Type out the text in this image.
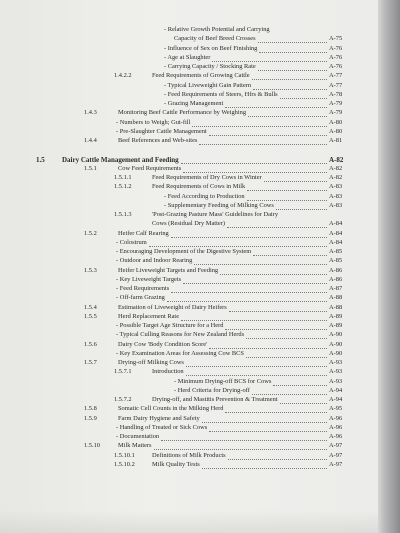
- Relative Growth Potential and Carrying
Capacity of Beef Breed Crosses	A-75
- Influence of Sex on Beef Finishing	A-76
- Age at Slaughter	A-76
- Carrying Capacity / Stocking Rate	A-76
1.4.2.2	Feed Requirements of Growing Cattle	A-77
- Typical Liveweight Gain Pattern	A-77
- Feed Requirements of Steers, Hfrs & Bulls	A-78
- Grazing Management	A-79
1.4.3	Monitoring Beef Cattle Performance by Weighing	A-79
- Numbers to Weigh; Gut-fill	A-80
- Pre-Slaughter Cattle Management	A-80
1.4.4	Beef References and Web-sites	A-81
1.5 Dairy Cattle Management and Feeding	A-82
1.5.1	Cow Feed Requirements	A-82
1.5.1.1	Feed Requirements of Dry Cows in Winter	A-82
1.5.1.2	Feed Requirements of Cows in Milk	A-83
- Feed According to Production	A-83
- Supplementary Feeding of Milking Cows	A-83
1.5.1.3	'Post-Grazing Pasture Mass' Guidelines for Dairy
Cows (Residual Dry Matter)	A-84
1.5.2	Heifer Calf Rearing	A-84
- Colostrum	A-84
- Encouraging Development of the Digestive System	A-85
- Outdoor and Indoor Rearing	A-85
1.5.3	Heifer Liveweight Targets and Feeding	A-86
- Key Liveweight Targets	A-86
- Feed Requirements	A-87
- Off-farm Grazing	A-88
1.5.4	Estimation of Liveweight of Dairy Heifers	A-88
1.5.5	Herd Replacement Rate	A-89
- Possible Target Age Structure for a Herd	A-89
- Typical Culling Reasons for New Zealand Herds	A-90
1.5.6	Dairy Cow 'Body Condition Score'	A-90
- Key Examination Areas for Assessing Cow BCS	A-90
1.5.7	Drying-off Milking Cows	A-93
1.5.7.1	Introduction	A-93
- Minimum Drying-off BCS for Cows	A-93
- Herd Criteria for Drying-off	A-94
1.5.7.2	Drying-off, and Mastitis Prevention & Treatment	A-94
1.5.8	Somatic Cell Counts in the Milking Herd	A-95
1.5.9	Farm Dairy Hygiene and Safety	A-96
- Handling of Treated or Sick Cows	A-96
- Documentation	A-96
1.5.10	Milk Matters	A-97
1.5.10.1	Definitions of Milk Products	A-97
1.5.10.2	Milk Quality Tests	A-97
